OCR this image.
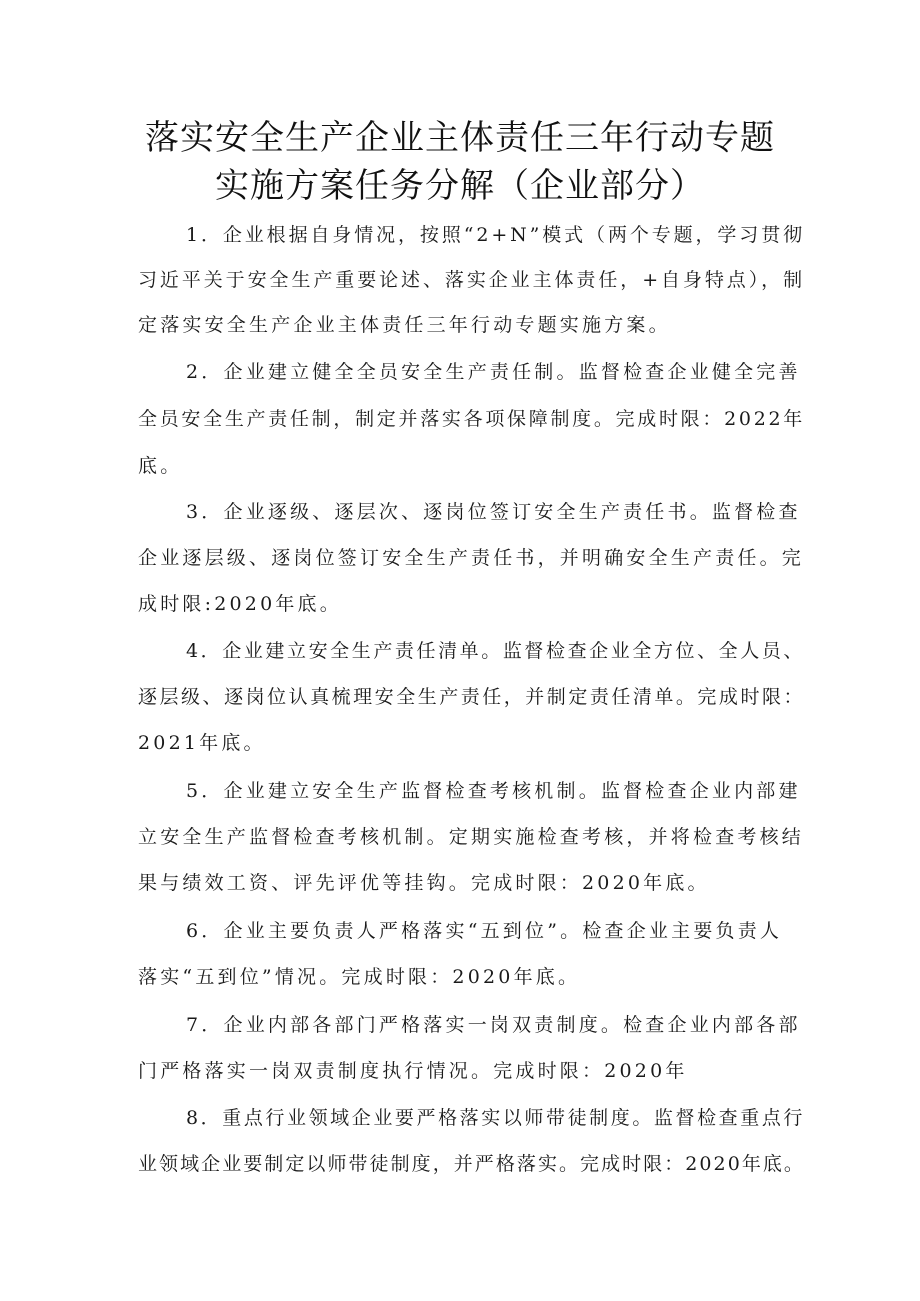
落实安全生产企业主体责任三年行动专题
实施方案任务分解（企业部分）
1．企业根据自身情况，按照“2+N”模式（两个专题，学习贯彻
习近平关于安全生产重要论述、落实企业主体责任，+自身特点），制
定落实安全生产企业主体责任三年行动专题实施方案。
2．企业建立健全全员安全生产责任制。监督检查企业健全完善
全员安全生产责任制，制定并落实各项保障制度。完成时限：2022年
底。
3．企业逐级、逐层次、逐岗位签订安全生产责任书。监督检查
企业逐层级、逐岗位签订安全生产责任书，并明确安全生产责任。完
成时限:2020年底。
4．企业建立安全生产责任清单。监督检查企业全方位、全人员、
逐层级、逐岗位认真梳理安全生产责任，并制定责任清单。完成时限：
2021年底。
5．企业建立安全生产监督检查考核机制。监督检查企业内部建
立安全生产监督检查考核机制。定期实施检查考核，并将检查考核结
果与绩效工资、评先评优等挂钩。完成时限：2020年底。
6．企业主要负责人严格落实“五到位”。检查企业主要负责人
落实“五到位”情况。完成时限：2020年底。
7．企业内部各部门严格落实一岗双责制度。检查企业内部各部
门严格落实一岗双责制度执行情况。完成时限：2020年
8．重点行业领域企业要严格落实以师带徒制度。监督检查重点行
业领域企业要制定以师带徒制度，并严格落实。完成时限：2020年底。
